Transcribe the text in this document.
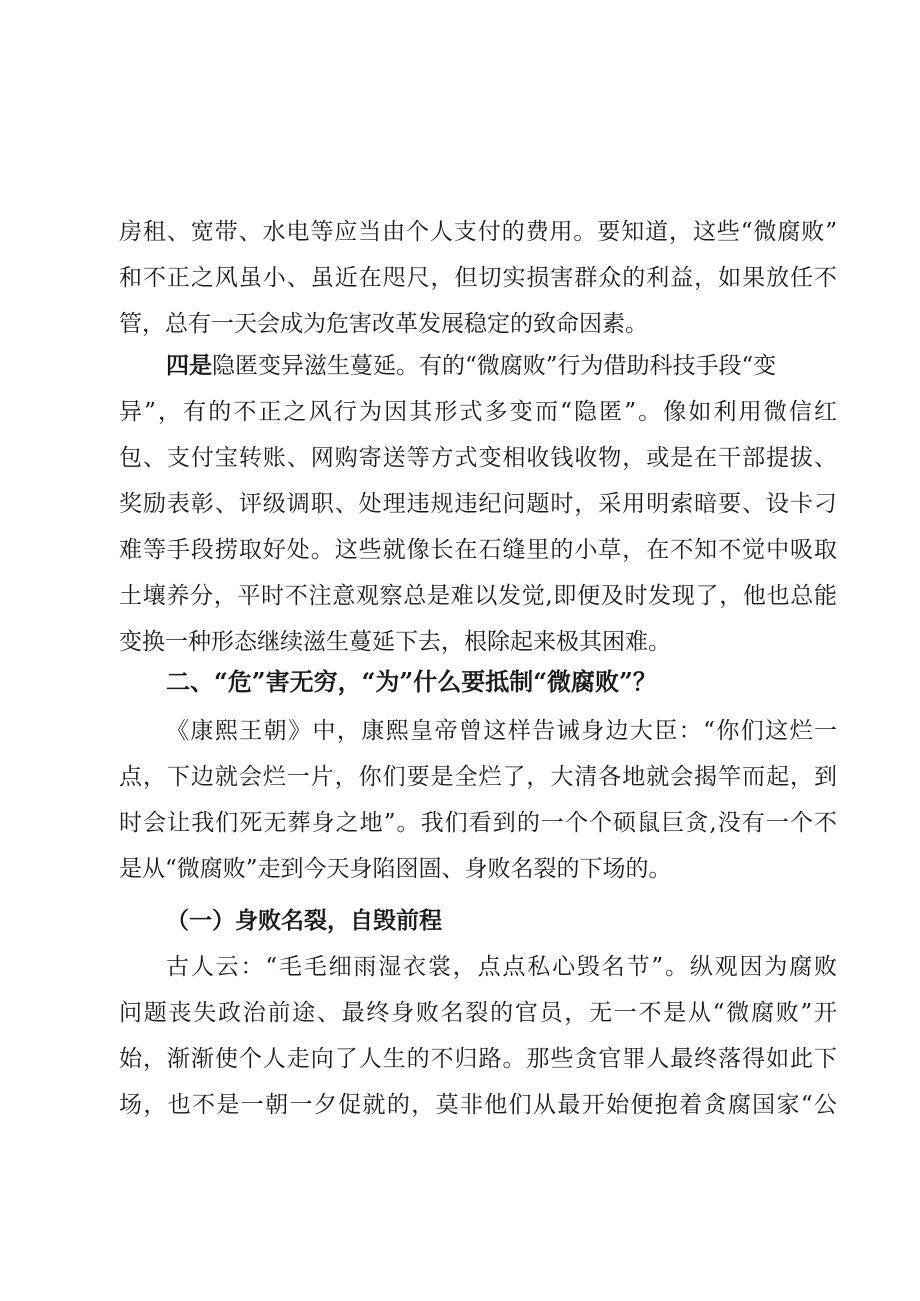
房租、宽带、水电等应当由个人支付的费用。要知道，这些“微腐败”
和不正之风虽小、虽近在咫尺，但切实损害群众的利益，如果放任不
管，总有一天会成为危害改革发展稳定的致命因素。
四是隐匿变异滋生蔓延。有的“微腐败”行为借助科技手段“变
异”，有的不正之风行为因其形式多变而“隐匿”。像如利用微信红
包、支付宝转账、网购寄送等方式变相收钱收物，或是在干部提拔、
奖励表彰、评级调职、处理违规违纪问题时，采用明索暗要、设卡刁
难等手段捞取好处。这些就像长在石缝里的小草，在不知不觉中吸取
土壤养分，平时不注意观察总是难以发觉,即便及时发现了，他也总能
变换一种形态继续滋生蔓延下去，根除起来极其困难。
二、“危”害无穷，“为”什么要抵制“微腐败”？
《康熙王朝》中，康熙皇帝曾这样告诫身边大臣：“你们这烂一
点，下边就会烂一片，你们要是全烂了，大清各地就会揭竿而起，到
时会让我们死无葬身之地”。我们看到的一个个硕鼠巨贪,没有一个不
是从“微腐败”走到今天身陷囹圄、身败名裂的下场的。
（一）身败名裂，自毁前程
古人云：“毛毛细雨湿衣裳，点点私心毁名节”。纵观因为腐败
问题丧失政治前途、最终身败名裂的官员，无一不是从“微腐败”开
始，渐渐使个人走向了人生的不归路。那些贪官罪人最终落得如此下
场，也不是一朝一夕促就的，莫非他们从最开始便抱着贪腐国家“公
